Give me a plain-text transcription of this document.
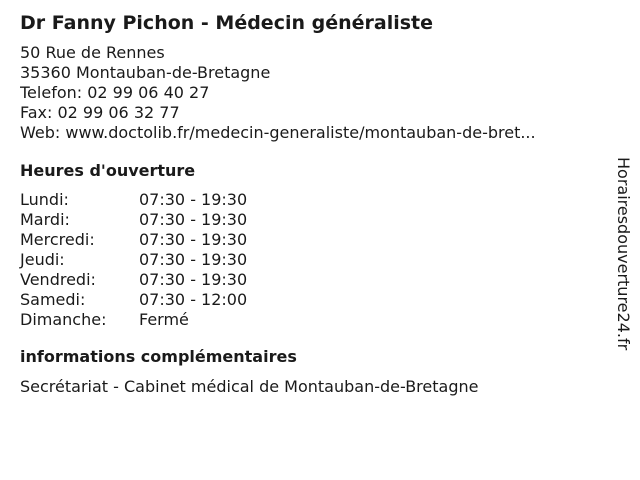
Dr Fanny Pichon - Médecin généraliste
50 Rue de Rennes
35360 Montauban-de-Bretagne
Telefon: 02 99 06 40 27
Fax: 02 99 06 32 77
Web: www.doctolib.fr/medecin-generaliste/montauban-de-bret...
Heures d'ouverture
Lundi:	07:30 - 19:30
Mardi:	07:30 - 19:30
Mercredi:	07:30 - 19:30
Jeudi:	07:30 - 19:30
Vendredi:	07:30 - 19:30
Samedi:	07:30 - 12:00
Dimanche:	Fermé
informations complémentaires
Secrétariat - Cabinet médical de Montauban-de-Bretagne
Horairesdouverture24.fr
